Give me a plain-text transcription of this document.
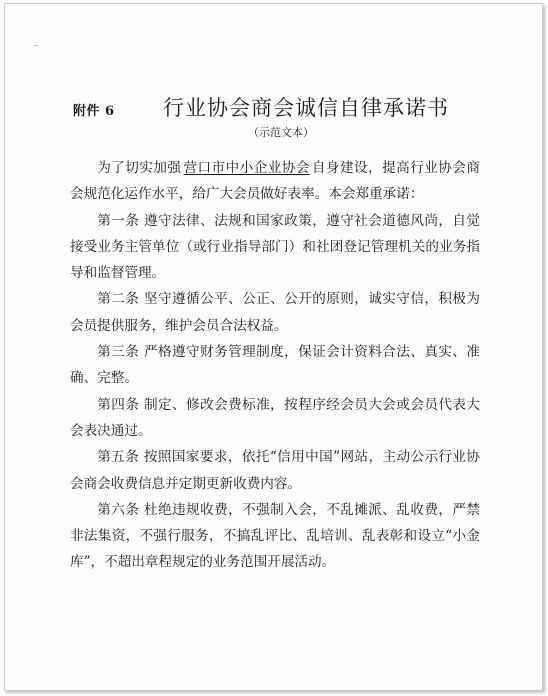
附件 6 行业协会商会诚信自律承诺书
（示范文本）

为了切实加强 营口市中小企业协会 自身建设，提高行业协会商会规范化运作水平，给广大会员做好表率。本会郑重承诺：

第一条 遵守法律、法规和国家政策，遵守社会道德风尚，自觉接受业务主管单位（或行业指导部门）和社团登记管理机关的业务指导和监督管理。

第二条 坚守遵循公平、公正、公开的原则，诚实守信，积极为会员提供服务，维护会员合法权益。

第三条 严格遵守财务管理制度，保证会计资料合法、真实、准确、完整。

第四条 制定、修改会费标准，按程序经会员大会或会员代表大会表决通过。

第五条 按照国家要求，依托“信用中国”网站，主动公示行业协会商会收费信息并定期更新收费内容。

第六条 杜绝违规收费，不强制入会，不乱摊派、乱收费，严禁非法集资，不强行服务，不搞乱评比、乱培训、乱表彰和设立“小金库”，不超出章程规定的业务范围开展活动。
